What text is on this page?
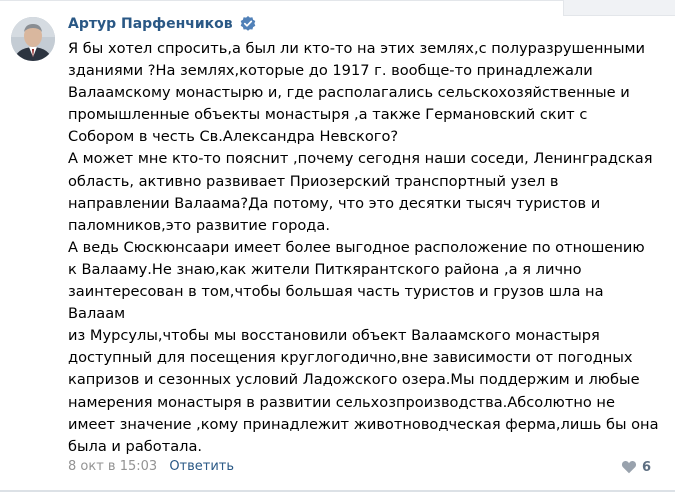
Артур Парфенчиков

Я бы хотел спросить,а был ли кто-то на этих землях,с полуразрушенными

зданиями ?На землях,которые до 1917 г. вообще-то принадлежали

Валаамскому монастырю и, где располагались сельскохозяйственные и

промышленные объекты монастыря ,а также Германовский скит с

Собором в честь Св.Александра Невского?

А может мне кто-то пояснит ,почему сегодня наши соседи, Ленинградская

область, активно развивает Приозерский транспортный узел в

направлении Валаама?Да потому, что это десятки тысяч туристов и

паломников,это развитие города.

А ведь Сюскюнсаари имеет более выгодное расположение по отношению

к Валааму.Не знаю,как жители Питкярантского района ,а я лично

заинтересован в том,чтобы большая часть туристов и грузов шла на

Валаам

из Мурсулы,чтобы мы восстановили объект Валаамского монастыря

доступный для посещения круглогодично,вне зависимости от погодных

капризов и сезонных условий Ладожского озера.Мы поддержим и любые

намерения монастыря в развитии сельхозпроизводства.Абсолютно не

имеет значение ,кому принадлежит животноводческая ферма,лишь бы она

была и работала.

8 окт в 15:03 Ответить	6
